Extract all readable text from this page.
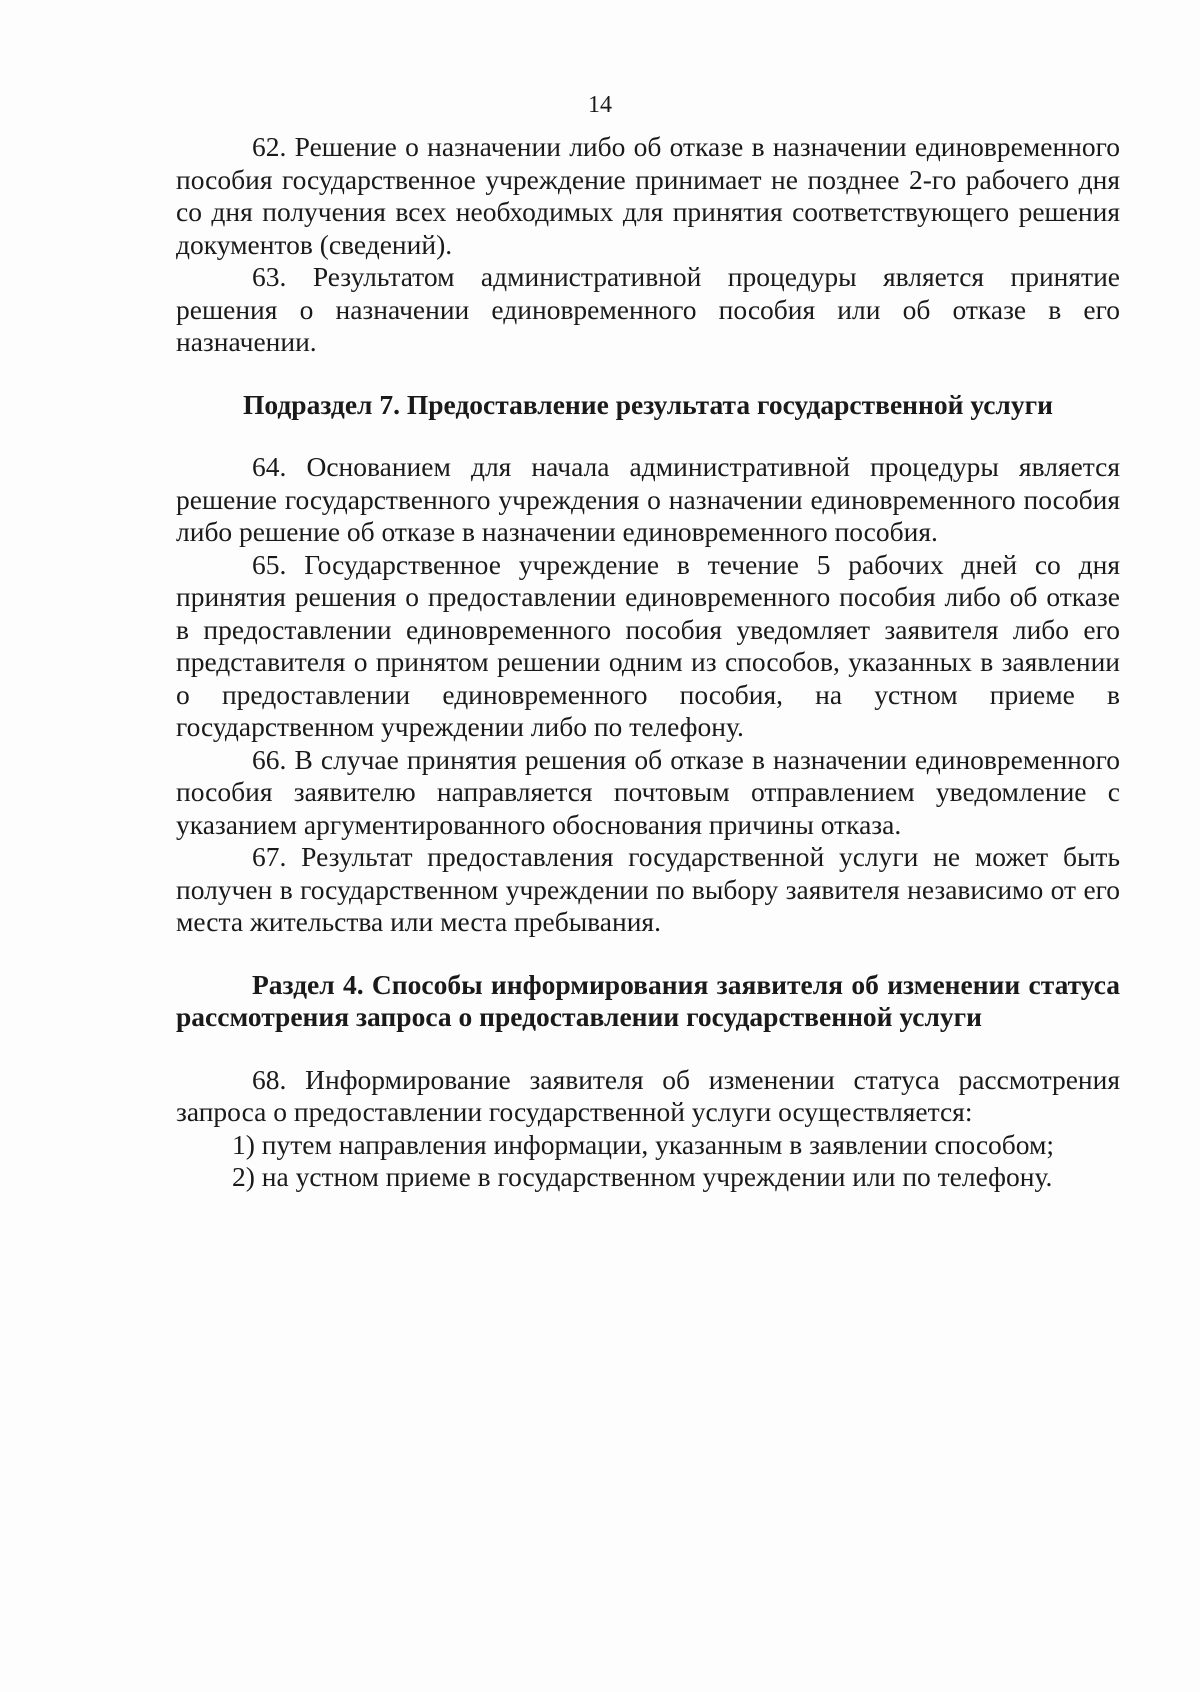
14

62. Решение о назначении либо об отказе в назначении единовременного пособия государственное учреждение принимает не позднее 2-го рабочего дня со дня получения всех необходимых для принятия соответствующего решения документов (сведений).

63. Результатом административной процедуры является принятие решения о назначении единовременного пособия или об отказе в его назначении.

Подраздел 7. Предоставление результата государственной услуги

64. Основанием для начала административной процедуры является решение государственного учреждения о назначении единовременного пособия либо решение об отказе в назначении единовременного пособия.

65. Государственное учреждение в течение 5 рабочих дней со дня принятия решения о предоставлении единовременного пособия либо об отказе в предоставлении единовременного пособия уведомляет заявителя либо его представителя о принятом решении одним из способов, указанных в заявлении о предоставлении единовременного пособия, на устном приеме в государственном учреждении либо по телефону.

66. В случае принятия решения об отказе в назначении единовременного пособия заявителю направляется почтовым отправлением уведомление с указанием аргументированного обоснования причины отказа.

67. Результат предоставления государственной услуги не может быть получен в государственном учреждении по выбору заявителя независимо от его места жительства или места пребывания.

Раздел 4. Способы информирования заявителя об изменении статуса рассмотрения запроса о предоставлении государственной услуги

68. Информирование заявителя об изменении статуса рассмотрения запроса о предоставлении государственной услуги осуществляется:

1) путем направления информации, указанным в заявлении способом;

2) на устном приеме в государственном учреждении или по телефону.
